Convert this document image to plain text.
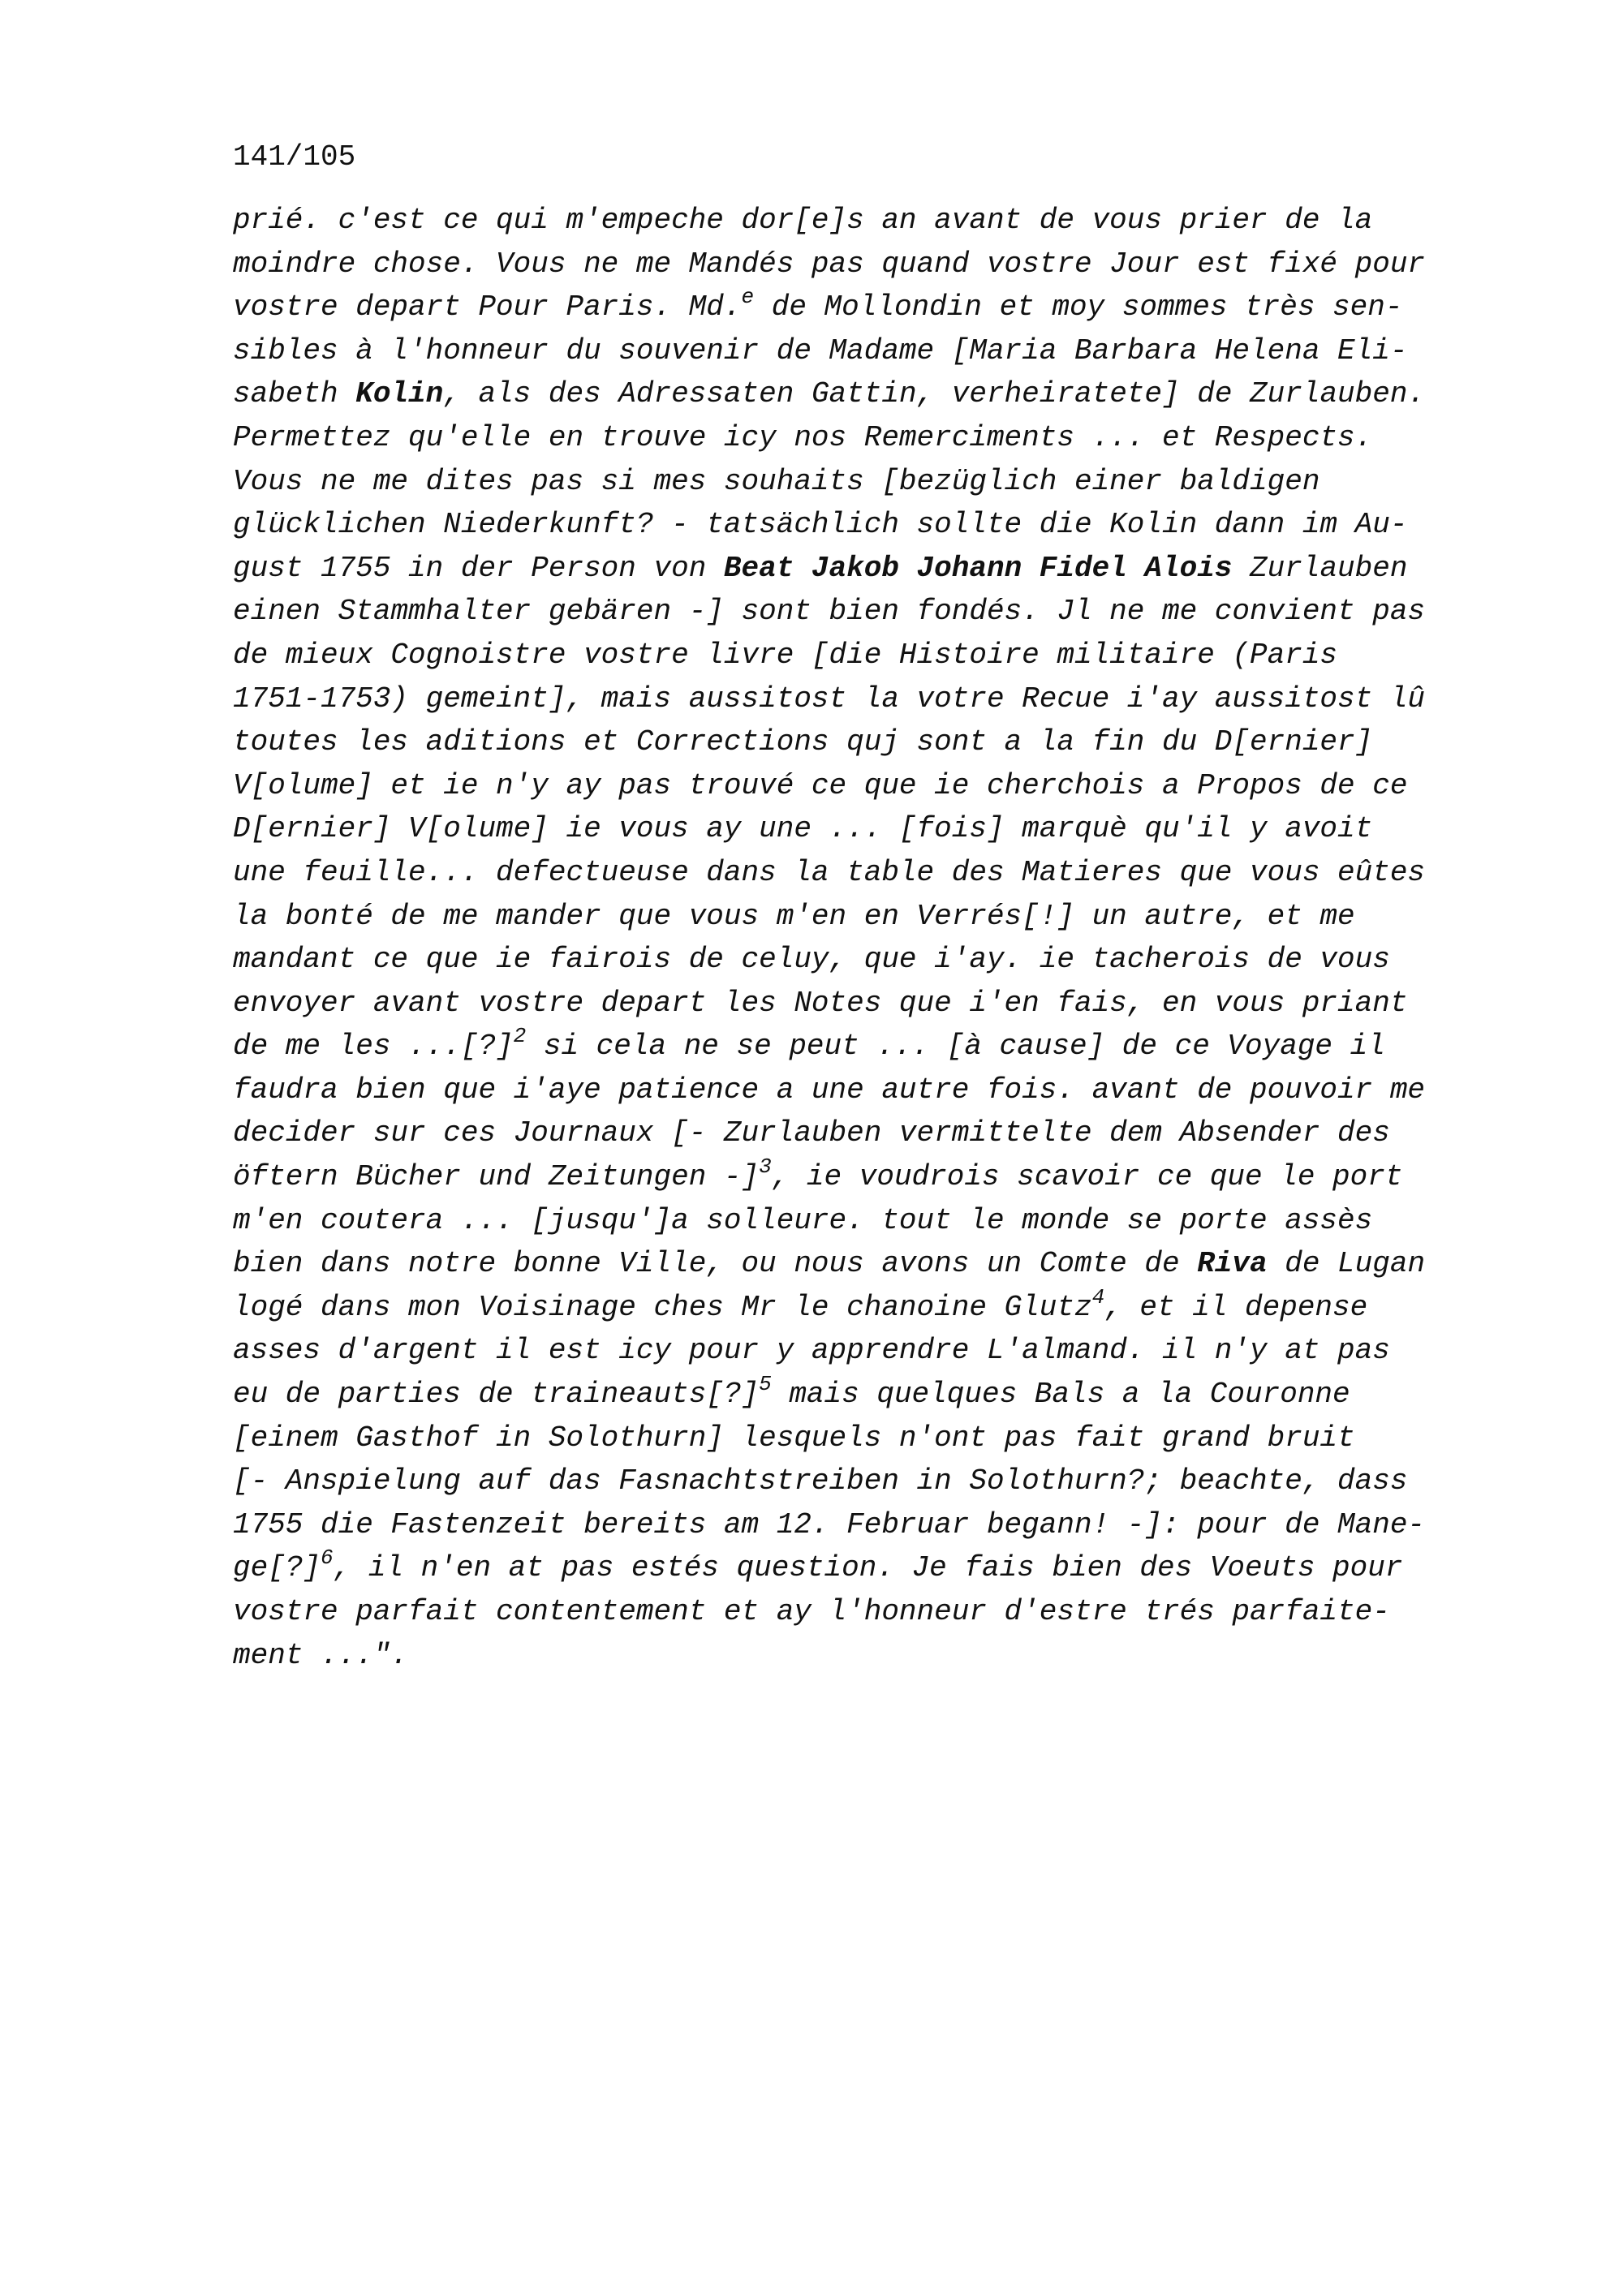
141/105
prié. c'est ce qui m'empeche dor[e]s an avant de vous prier de la
moindre chose. Vous ne me Mandés pas quand vostre Jour est fixé pour
vostre depart Pour Paris. Md.$^e$ de Mollondin et moy sommes très sen-
sibles à l'honneur du souvenir de Madame [Maria Barbara Helena Eli-
sabeth Kolin, als des Adressaten Gattin, verheiratete] de Zurlauben.
Permettez qu'elle en trouve icy nos Remerciments ... et Respects.
Vous ne me dites pas si mes souhaits [bezüglich einer baldigen
glücklichen Niederkunft? - tatsächlich sollte die Kolin dann im Au-
gust 1755 in der Person von Beat Jakob Johann Fidel Alois Zurlauben
einen Stammhalter gebären -] sont bien fondés. Jl ne me convient pas
de mieux Cognoistre vostre livre [die Histoire militaire (Paris
1751-1753) gemeint], mais aussitost la votre Recue i'ay aussitost lû
toutes les aditions et Corrections quj sont a la fin du D[ernier]
V[olume] et ie n'y ay pas trouvé ce que ie cherchois a Propos de ce
D[ernier] V[olume] ie vous ay une ... [fois] marquè qu'il y avoit
une feuille... defectueuse dans la table des Matieres que vous eûtes
la bonté de me mander que vous m'en en Verrés[!] un autre, et me
mandant ce que ie fairois de celuy, que i'ay. ie tacherois de vous
envoyer avant vostre depart les Notes que i'en fais, en vous priant
de me les ...[?]$^2$ si cela ne se peut ... [à cause] de ce Voyage il
faudra bien que i'aye patience a une autre fois. avant de pouvoir me
decider sur ces Journaux [- Zurlauben vermittelte dem Absender des
öftern Bücher und Zeitungen -]$^3$, ie voudrois scavoir ce que le port
m'en coutera ... [jusqu']a solleure. tout le monde se porte assès
bien dans notre bonne Ville, ou nous avons un Comte de Riva de Lugan
logé dans mon Voisinage ches Mr le chanoine Glutz$^4$, et il depense
asses d'argent il est icy pour y apprendre L'almand. il n'y at pas
eu de parties de traineauts[?]$^5$ mais quelques Bals a la Couronne
[einem Gasthof in Solothurn] lesquels n'ont pas fait grand bruit
[- Anspielung auf das Fasnachtstreiben in Solothurn?; beachte, dass
1755 die Fastenzeit bereits am 12. Februar begann! -]: pour de Mane-
ge[?]$^6$, il n'en at pas estés question. Je fais bien des Voeuts pour
vostre parfait contentement et ay l'honneur d'estre trés parfaite-
ment ...".
